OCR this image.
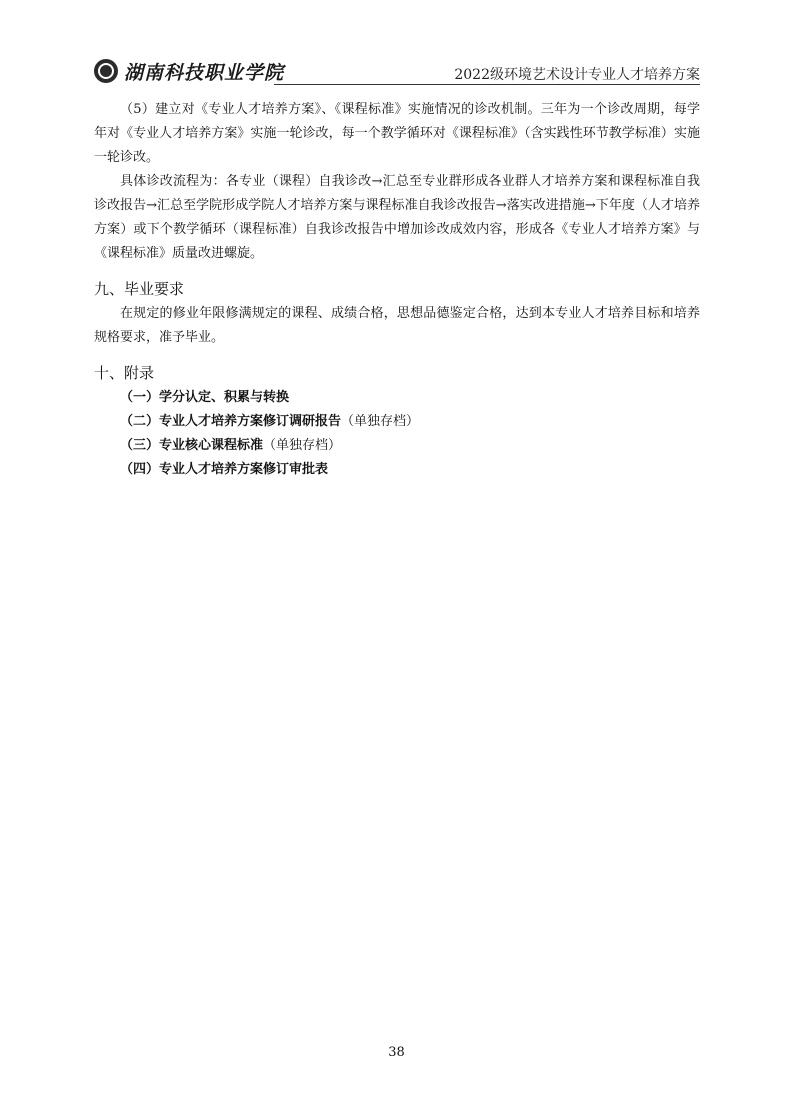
湖南科技职业学院	2022级环境艺术设计专业人才培养方案

（5）建立对《专业人才培养方案》、《课程标准》实施情况的诊改机制。三年为一个诊改周期，每学年对《专业人才培养方案》实施一轮诊改，每一个教学循环对《课程标准》（含实践性环节教学标准）实施一轮诊改。

具体诊改流程为：各专业（课程）自我诊改→汇总至专业群形成各业群人才培养方案和课程标准自我诊改报告→汇总至学院形成学院人才培养方案与课程标准自我诊改报告→落实改进措施→下年度（人才培养方案）或下个教学循环（课程标准）自我诊改报告中增加诊改成效内容，形成各《专业人才培养方案》与《课程标准》质量改进螺旋。

九、毕业要求

在规定的修业年限修满规定的课程、成绩合格，思想品德鉴定合格，达到本专业人才培养目标和培养规格要求，准予毕业。

十、附录
（一）学分认定、积累与转换
（二）专业人才培养方案修订调研报告（单独存档）
（三）专业核心课程标准（单独存档）
（四）专业人才培养方案修订审批表
38
